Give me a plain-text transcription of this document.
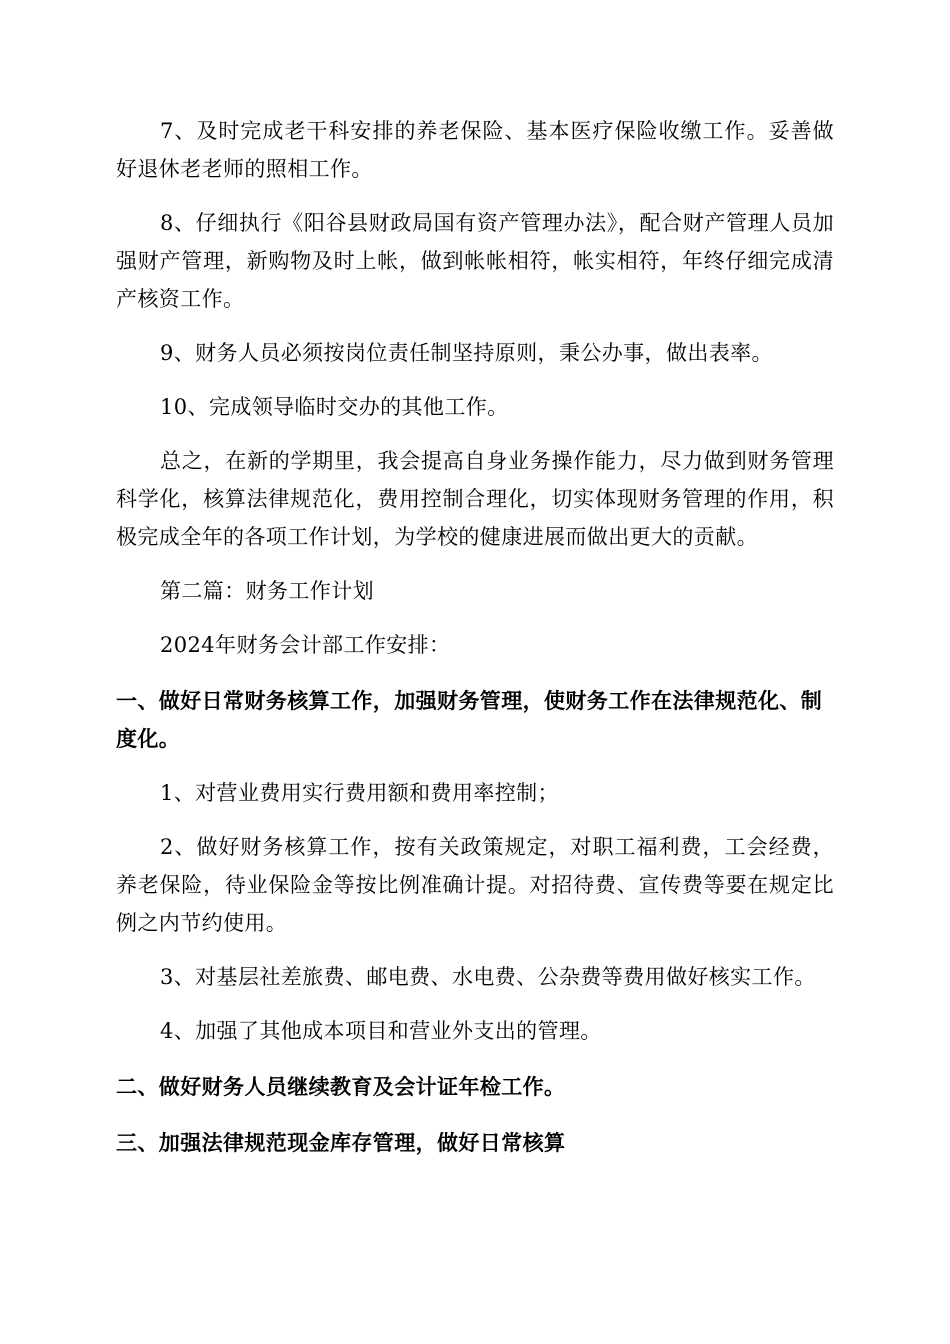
7、及时完成老干科安排的养老保险、基本医疗保险收缴工作。妥善做好退休老老师的照相工作。

8、仔细执行《阳谷县财政局国有资产管理办法》，配合财产管理人员加强财产管理，新购物及时上帐，做到帐帐相符，帐实相符，年终仔细完成清产核资工作。

9、财务人员必须按岗位责任制坚持原则，秉公办事，做出表率。

10、完成领导临时交办的其他工作。

总之，在新的学期里，我会提高自身业务操作能力，尽力做到财务管理科学化，核算法律规范化，费用控制合理化，切实体现财务管理的作用，积极完成全年的各项工作计划，为学校的健康进展而做出更大的贡献。

第二篇：财务工作计划

2024年财务会计部工作安排：

一、做好日常财务核算工作，加强财务管理，使财务工作在法律规范化、制度化。

1、对营业费用实行费用额和费用率控制；

2、做好财务核算工作，按有关政策规定，对职工福利费，工会经费，养老保险，待业保险金等按比例准确计提。对招待费、宣传费等要在规定比例之内节约使用。

3、对基层社差旅费、邮电费、水电费、公杂费等费用做好核实工作。

4、加强了其他成本项目和营业外支出的管理。

二、做好财务人员继续教育及会计证年检工作。

三、加强法律规范现金库存管理，做好日常核算
